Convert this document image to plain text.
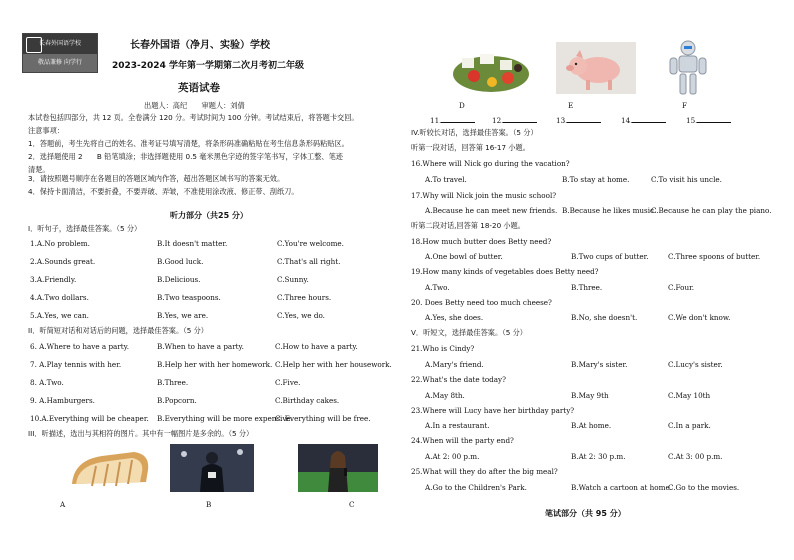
长春外国语学校
敬品兼修 向学行
长春外国语（净月、实验）学校
2023-2024 学年第一学期第二次月考初二年级
英语试卷
出题人：高纪　　审题人：刘倩
本试卷包括四部分，共 12 页。全卷满分 120 分。考试时间为 100 分钟。考试结束后，将答题卡交回。
注意事项：
1．答题前，考生先将自己的姓名、准考证号填写清楚，将条形码准确粘贴在考生信息条形码粘贴区。
2．选择题使用 2　　B 铅笔填涂；非选择题使用 0.5 毫米黑色字迹的签字笔书写，字体工整、笔迹
清楚。
3．请按照题号顺序在各题目的答题区域内作答，超出答题区域书写的答案无效。
4．保持卡面清洁，不要折叠，不要弄破、弄皱，不准使用涂改液、修正带、刮纸刀。
听力部分（共25 分）
I．听句子，选择最佳答案。（5 分）
1.A.No problem.	B.It doesn't matter.	C.You're welcome.
2.A.Sounds great.	B.Good luck.	C.That's all right.
3.A.Friendly.	B.Delicious.	C.Sunny.
4.A.Two dollars.	B.Two teaspoons.	C.Three hours.
5.A.Yes, we can.	B.Yes, we are.	C.Yes, we do.
II．听简短对话和对话后的问题，选择最佳答案。（5 分）
6. A.Where to have a party.	B.When to have a party.	C.How to have a party.
7. A.Play tennis with her.	B.Help her with her homework. C.Help her with her housework.
8. A.Two.	B.Three.	C.Five.
9. A.Hamburgers.	B.Popcorn.	C.Birthday cakes.
10.A.Everything will be cheaper. B.Everything will be more expensive.
C. Everything will be free.
III．听描述，选出与其相符的图片。其中有一幅图片是多余的。（5 分）
A	B	C
D	E	F
11.	12.	13.	14.	15.
IV.听较长对话，选择最佳答案。（5 分）
听第一段对话，回答第 16-17 小题。
16.Where will Nick go during the vacation?
A.To travel.	B.To stay at home.	C.To visit his uncle.
17.Why will Nick join the music school?
A.Because he can meet new friends. B.Because he likes music.
C.Because he can play the piano.
听第二段对话,回答第 18-20 小题。
18.How much butter does Betty need?
A.One bowl of butter.	B.Two cups of butter.	C.Three spoons of butter.
19.How many kinds of vegetables does Betty need?
A.Two.	B.Three.	C.Four.
20. Does Betty need too much cheese?
A.Yes, she does.	B.No, she doesn't.	C.We don't know.
V．听短文，选择最佳答案。（5 分）
21.Who is Cindy?
A.Mary's friend.	B.Mary's sister.	C.Lucy's sister.
22.What's the date today?
A.May 8th.	B.May 9th	C.May 10th
23.Where will Lucy have her birthday party?
A.In a restaurant.	B.At home.	C.In a park.
24.When will the party end?
A.At 2: 00 p.m.	B.At 2: 30 p.m.	C.At 3: 00 p.m.
25.What will they do after the big meal?
A.Go to the Children's Park.	B.Watch a cartoon at home.
C.Go to the movies.
笔试部分（共 95 分）
